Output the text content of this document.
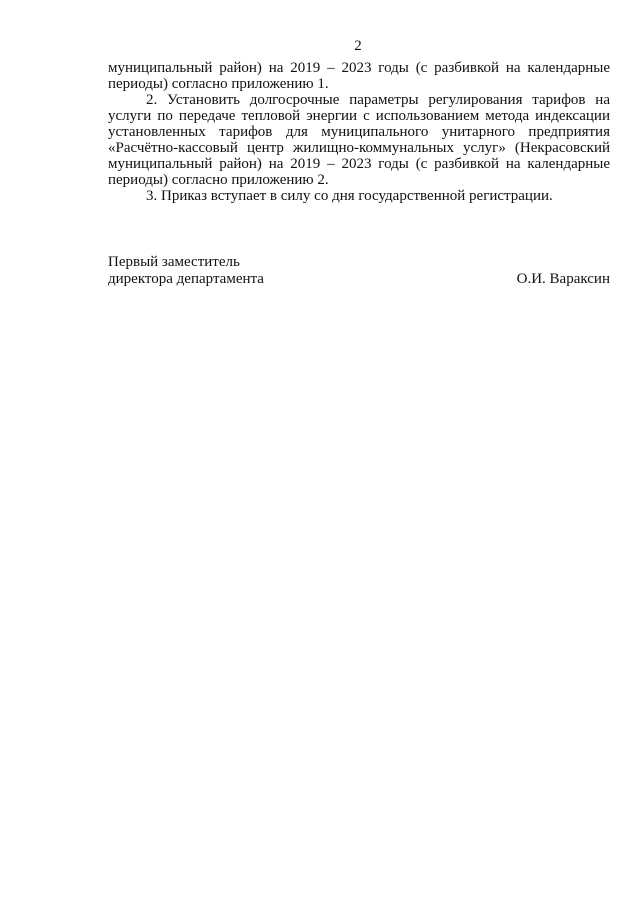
2

муниципальный район) на 2019 – 2023 годы (с разбивкой на календарные периоды) согласно приложению 1.

2. Установить долгосрочные параметры регулирования тарифов на услуги по передаче тепловой энергии с использованием метода индексации установленных тарифов для муниципального унитарного предприятия «Расчётно-кассовый центр жилищно-коммунальных услуг» (Некрасовский муниципальный район) на 2019 – 2023 годы (с разбивкой на календарные периоды) согласно приложению 2.

3. Приказ вступает в силу со дня государственной регистрации.

Первый заместитель
директора департамента	О.И. Вараксин
